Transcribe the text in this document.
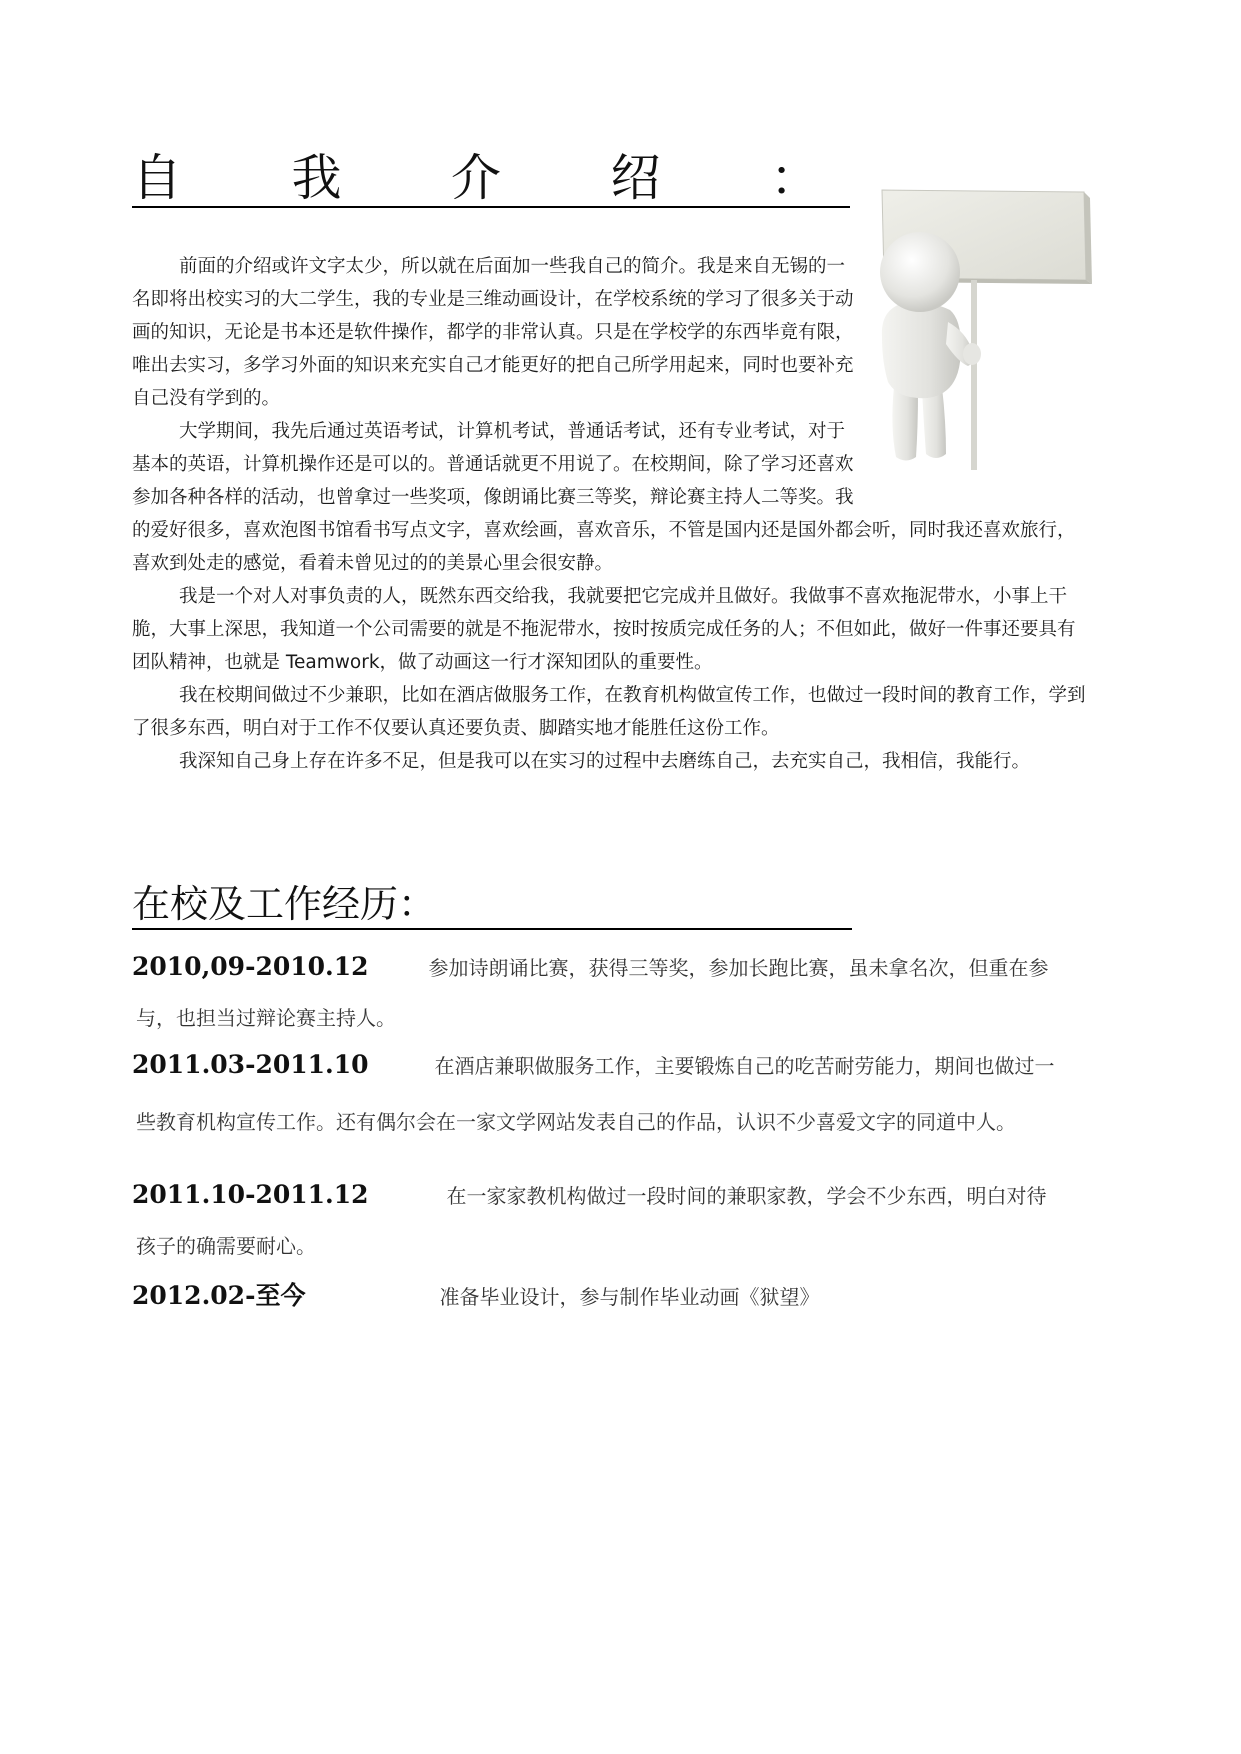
自 我 介 绍 ：

前面的介绍或许文字太少，所以就在后面加一些我自己的简介。我是来自无锡的一名即将出校实习的大二学生，我的专业是三维动画设计，在学校系统的学习了很多关于动画的知识，无论是书本还是软件操作，都学的非常认真。只是在学校学的东西毕竟有限，唯出去实习，多学习外面的知识来充实自己才能更好的把自己所学用起来，同时也要补充自己没有学到的。

大学期间，我先后通过英语考试，计算机考试，普通话考试，还有专业考试，对于基本的英语，计算机操作还是可以的。普通话就更不用说了。在校期间，除了学习还喜欢参加各种各样的活动，也曾拿过一些奖项，像朗诵比赛三等奖，辩论赛主持人二等奖。我的爱好很多，喜欢泡图书馆看书写点文字，喜欢绘画，喜欢音乐，不管是国内还是国外都会听，同时我还喜欢旅行，喜欢到处走的感觉，看着未曾见过的的美景心里会很安静。

我是一个对人对事负责的人，既然东西交给我，我就要把它完成并且做好。我做事不喜欢拖泥带水，小事上干脆，大事上深思，我知道一个公司需要的就是不拖泥带水，按时按质完成任务的人；不但如此，做好一件事还要具有团队精神，也就是 Teamwork，做了动画这一行才深知团队的重要性。

我在校期间做过不少兼职，比如在酒店做服务工作，在教育机构做宣传工作，也做过一段时间的教育工作，学到了很多东西，明白对于工作不仅要认真还要负责、脚踏实地才能胜任这份工作。

我深知自己身上存在许多不足，但是我可以在实习的过程中去磨练自己，去充实自己，我相信，我能行。

在校及工作经历：
2010,09-2010.12	参加诗朗诵比赛，获得三等奖，参加长跑比赛，虽未拿名次，但重在参
与，也担当过辩论赛主持人。
2011.03-2011.10	在酒店兼职做服务工作，主要锻炼自己的吃苦耐劳能力，期间也做过一
些教育机构宣传工作。还有偶尔会在一家文学网站发表自己的作品，认识不少喜爱文字的同道中人。
2011.10-2011.12	在一家家教机构做过一段时间的兼职家教，学会不少东西，明白对待
孩子的确需要耐心。
2012.02-至今	准备毕业设计，参与制作毕业动画《狱望》
